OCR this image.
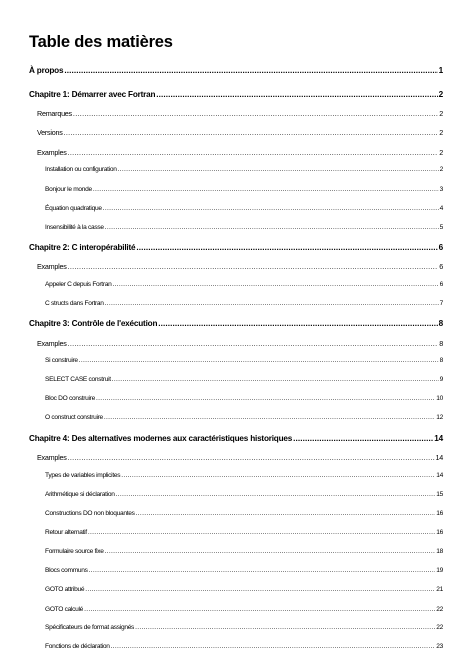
Table des matières
À propos .....	1
Chapitre 1: Démarrer avec Fortran .....	2
Remarques .....	2
Versions .....	2
Examples .....	2
Installation ou configuration .....	2
Bonjour le monde .....	3
Équation quadratique .....	4
Insensibilité à la casse .....	5
Chapitre 2: C interopérabilité .....	6
Examples .....	6
Appeler C depuis Fortran .....	6
C structs dans Fortran .....	7
Chapitre 3: Contrôle de l'exécution .....	8
Examples .....	8
Si construire .....	8
SELECT CASE construit .....	9
Bloc DO construire .....	10
O construct construire .....	12
Chapitre 4: Des alternatives modernes aux caractéristiques historiques .....	14
Examples .....	14
Types de variables implicites .....	14
Arithmétique si déclaration .....	15
Constructions DO non bloquantes .....	16
Retour alternatif .....	16
Formulaire source fixe .....	18
Blocs communs .....	19
GOTO attribué .....	21
GOTO calculé .....	22
Spécificateurs de format assignés .....	22
Fonctions de déclaration .....	23
